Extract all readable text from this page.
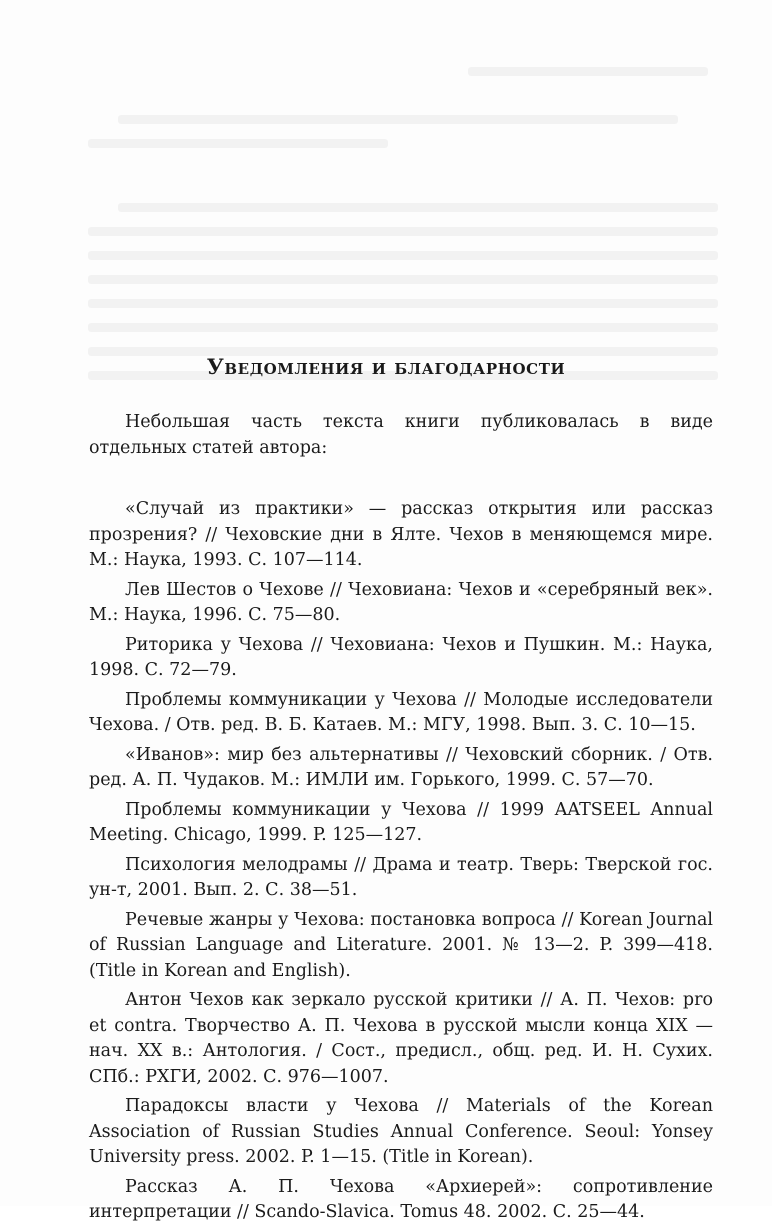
Уведомления и благодарности

Небольшая часть текста книги публиковалась в виде отдельных статей автора:

«Случай из практики» — рассказ открытия или рассказ прозрения? // Чеховские дни в Ялте. Чехов в меняющемся мире. М.: Наука, 1993. С. 107—114.

Лев Шестов о Чехове // Чеховиана: Чехов и «серебряный век». М.: Наука, 1996. С. 75—80.

Риторика у Чехова // Чеховиана: Чехов и Пушкин. М.: Наука, 1998. С. 72—79.

Проблемы коммуникации у Чехова // Молодые исследователи Чехова. / Отв. ред. В. Б. Катаев. М.: МГУ, 1998. Вып. 3. С. 10—15.

«Иванов»: мир без альтернативы // Чеховский сборник. / Отв. ред. А. П. Чудаков. М.: ИМЛИ им. Горького, 1999. С. 57—70.

Проблемы коммуникации у Чехова // 1999 AATSEEL Annual Meeting. Chicago, 1999. P. 125—127.

Психология мелодрамы // Драма и театр. Тверь: Тверской гос. ун-т, 2001. Вып. 2. С. 38—51.

Речевые жанры у Чехова: постановка вопроса // Korean Journal of Russian Language and Literature. 2001. № 13—2. P. 399—418. (Title in Korean and English).

Антон Чехов как зеркало русской критики // А. П. Чехов: pro et contra. Творчество А. П. Чехова в русской мысли конца XIX — нач. XX в.: Антология. / Сост., предисл., общ. ред. И. Н. Сухих. СПб.: РХГИ, 2002. С. 976—1007.

Парадоксы власти у Чехова // Materials of the Korean Association of Russian Studies Annual Conference. Seoul: Yonsey University press. 2002. P. 1—15. (Title in Korean).

Рассказ А. П. Чехова «Архиерей»: сопротивление интерпретации // Scando-Slavica. Tomus 48. 2002. С. 25—44.
